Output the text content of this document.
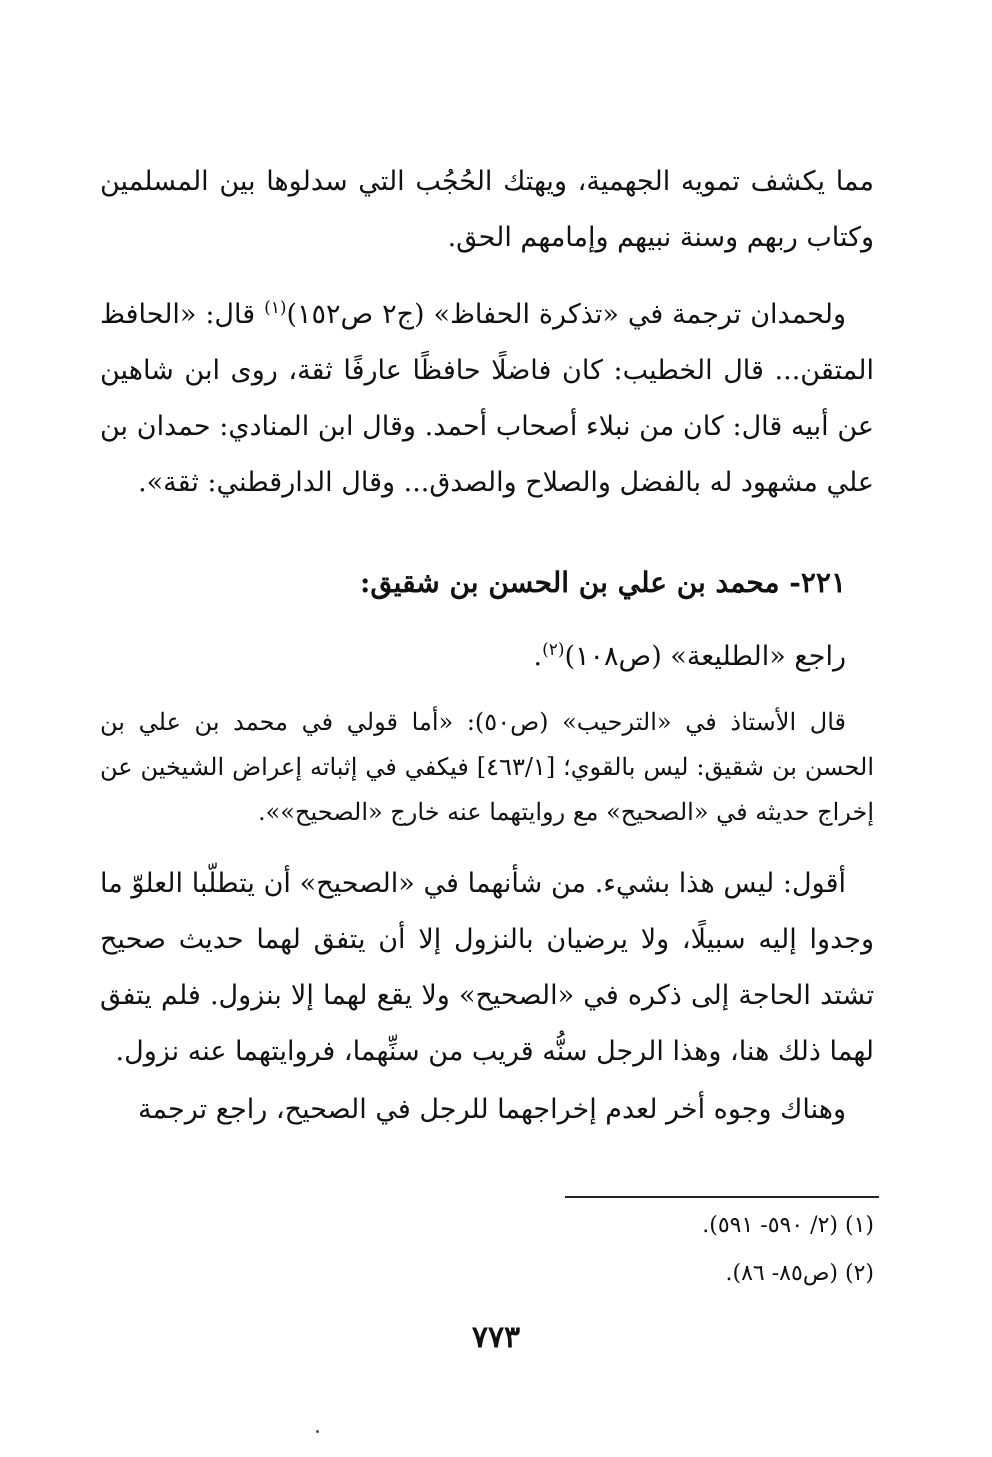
مما يكشف تمويه الجهمية، ويهتك الحُجُب التي سدلوها بين المسلمين وكتاب ربهم وسنة نبيهم وإمامهم الحق.
ولحمدان ترجمة في «تذكرة الحفاظ» (ج٢ ص١٥٢)$^{(١)}$ قال: «الحافظ المتقن... قال الخطيب: كان فاضلًا حافظًا عارفًا ثقة، روى ابن شاهين عن أبيه قال: كان من نبلاء أصحاب أحمد. وقال ابن المنادي: حمدان بن علي مشهود له بالفضل والصلاح والصدق... وقال الدارقطني: ثقة».
٢٢١- محمد بن علي بن الحسن بن شقيق:
راجع «الطليعة» (ص١٠٨)$^{(٢)}$.
قال الأستاذ في «الترحيب» (ص٥٠): «أما قولي في محمد بن علي بن الحسن بن شقيق: ليس بالقوي؛ [٤٦٣/١] فيكفي في إثباته إعراض الشيخين عن إخراج حديثه في «الصحيح» مع روايتهما عنه خارج «الصحيح»».
أقول: ليس هذا بشيء. من شأنهما في «الصحيح» أن يتطلّبا العلوّ ما وجدوا إليه سبيلًا، ولا يرضيان بالنزول إلا أن يتفق لهما حديث صحيح تشتد الحاجة إلى ذكره في «الصحيح» ولا يقع لهما إلا بنزول. فلم يتفق لهما ذلك هنا، وهذا الرجل سنُّه قريب من سنِّهما، فروايتهما عنه نزول.
وهناك وجوه أخر لعدم إخراجهما للرجل في الصحيح، راجع ترجمة
(١) (٢/ ٥٩٠- ٥٩١).
(٢) (ص٨٥- ٨٦).
٧٧٣
